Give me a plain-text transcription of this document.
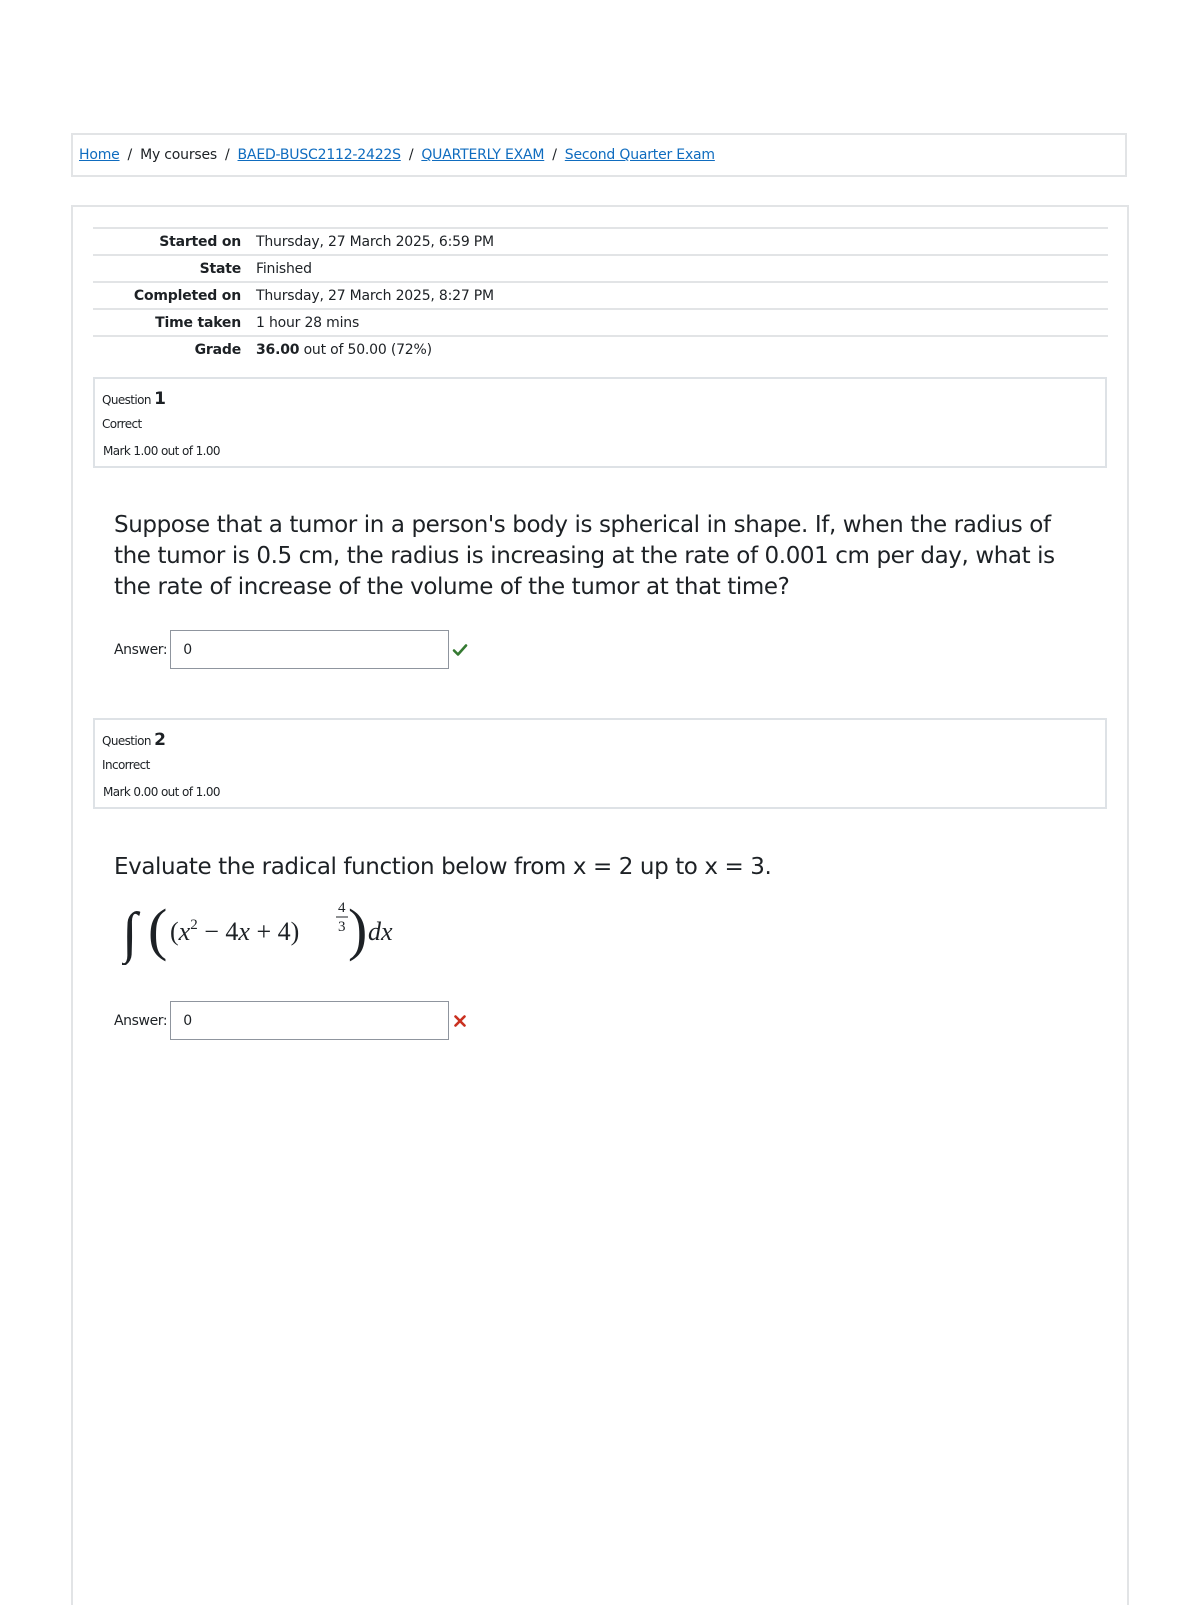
Home / My courses / BAED-BUSC2112-2422S / QUARTERLY EXAM / Second Quarter Exam
Started on	Thursday, 27 March 2025, 6:59 PM
State	Finished
Completed on	Thursday, 27 March 2025, 8:27 PM
Time taken	1 hour 28 mins
Grade	36.00 out of 50.00 (72%)
Question 1
Correct
Mark 1.00 out of 1.00
Suppose that a tumor in a person's body is spherical in shape. If, when the radius of the tumor is 0.5 cm, the radius is increasing at the rate of 0.001 cm per day, what is the rate of increase of the volume of the tumor at that time?
Answer:
0
Question 2
Incorrect
Mark 0.00 out of 1.00
Evaluate the radical function below from x = 2 up to x = 3.
∫ ( $(x^2 - 4x + 4)$
4
3 ) dx
Answer:
0
